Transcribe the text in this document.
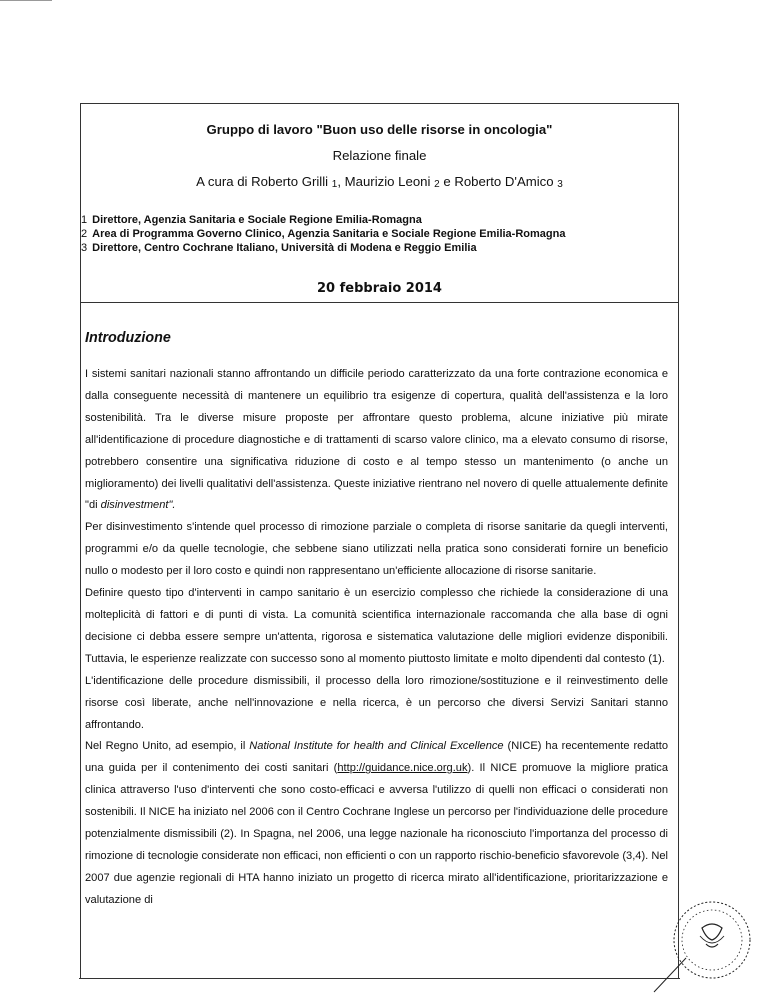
Gruppo di lavoro "Buon uso delle risorse in oncologia"
Relazione finale
A cura di Roberto Grilli $_1$, Maurizio Leoni $_2$ e Roberto D'Amico $_3$
1 Direttore, Agenzia Sanitaria e Sociale Regione Emilia-Romagna
2 Area di Programma Governo Clinico, Agenzia Sanitaria e Sociale Regione Emilia-Romagna
3 Direttore, Centro Cochrane Italiano, Università di Modena e Reggio Emilia
20 febbraio 2014
Introduzione

I sistemi sanitari nazionali stanno affrontando un difficile periodo caratterizzato da una forte contrazione economica e dalla conseguente necessità di mantenere un equilibrio tra esigenze di copertura, qualità dell'assistenza e la loro sostenibilità. Tra le diverse misure proposte per affrontare questo problema, alcune iniziative più mirate all'identificazione di procedure diagnostiche e di trattamenti di scarso valore clinico, ma a elevato consumo di risorse, potrebbero consentire una significativa riduzione di costo e al tempo stesso un mantenimento (o anche un miglioramento) dei livelli qualitativi dell'assistenza. Queste iniziative rientrano nel novero di quelle attualemente definite "di disinvestment".

Per disinvestimento s'intende quel processo di rimozione parziale o completa di risorse sanitarie da quegli interventi, programmi e/o da quelle tecnologie, che sebbene siano utilizzati nella pratica sono considerati fornire un beneficio nullo o modesto per il loro costo e quindi non rappresentano un'efficiente allocazione di risorse sanitarie.

Definire questo tipo d'interventi in campo sanitario è un esercizio complesso che richiede la considerazione di una molteplicità di fattori e di punti di vista. La comunità scientifica internazionale raccomanda che alla base di ogni decisione ci debba essere sempre un'attenta, rigorosa e sistematica valutazione delle migliori evidenze disponibili. Tuttavia, le esperienze realizzate con successo sono al momento piuttosto limitate e molto dipendenti dal contesto (1).

L'identificazione delle procedure dismissibili, il processo della loro rimozione/sostituzione e il reinvestimento delle risorse così liberate, anche nell'innovazione e nella ricerca, è un percorso che diversi Servizi Sanitari stanno affrontando.

Nel Regno Unito, ad esempio, il National Institute for health and Clinical Excellence (NICE) ha recentemente redatto una guida per il contenimento dei costi sanitari (http://guidance.nice.org.uk). Il NICE promuove la migliore pratica clinica attraverso l'uso d'interventi che sono costo-efficaci e avversa l'utilizzo di quelli non efficaci o considerati non sostenibili. Il NICE ha iniziato nel 2006 con il Centro Cochrane Inglese un percorso per l'individuazione delle procedure potenzialmente dismissibili (2). In Spagna, nel 2006, una legge nazionale ha riconosciuto l'importanza del processo di rimozione di tecnologie considerate non efficaci, non efficienti o con un rapporto rischio-beneficio sfavorevole (3,4). Nel 2007 due agenzie regionali di HTA hanno iniziato un progetto di ricerca mirato all'identificazione, prioritarizzazione e valutazione di
